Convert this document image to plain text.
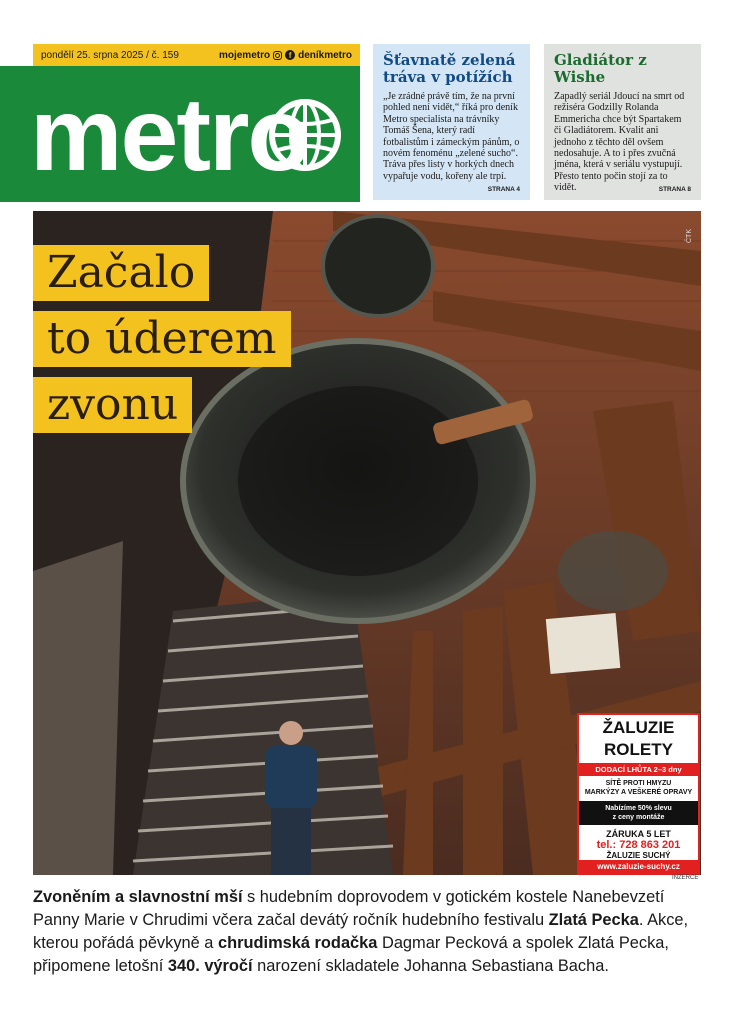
pondělí 25. srpna 2025 / č. 159	mojemetro	f deníkmetro
metro
Šťavnatě zelená tráva v potížích

„Je zrádné právě tím, že na první pohled není vidět,“ říká pro deník Metro specialista na trávníky Tomáš Šena, který radí fotbalistům i zámeckým pánům, o novém fenoménu „zelené sucho“. Tráva přes listy v horkých dnech vypařuje vodu, kořeny ale trpí.
STRANA 4

Gladiátor z Wishe

Zapadlý seriál Jdoucí na smrt od režiséra Godzilly Rolanda Emmericha chce být Spartakem či Gladiátorem. Kvalit ani jednoho z těchto děl ovšem nedosahuje. A to i přes zvučná jména, která v seriálu vystupují. Přesto tento počin stojí za to vidět.	STRANA 8

ČTK
Začalo
to úderem
zvonu
ŽALUZIE
ROLETY
DODACÍ LHŮTA 2–3 dny
SÍTĚ PROTI HMYZU
MARKÝZY A VEŠKERÉ OPRAVY
Nabízíme 50% slevu
z ceny montáže
ZÁRUKA 5 LET
tel.: 728 863 201
ŽALUZIE SUCHÝ
www.zaluzie-suchy.cz
INZERCE
Zvoněním a slavnostní mší s hudebním doprovodem v gotickém kostele Nanebevzetí Panny Marie v Chrudimi včera začal devátý ročník hudebního festivalu Zlatá Pecka. Akce, kterou pořádá pěvkyně a chrudimská rodačka Dagmar Pecková a spolek Zlatá Pecka, připomene letošní 340. výročí narození skladatele Johanna Sebastiana Bacha.
